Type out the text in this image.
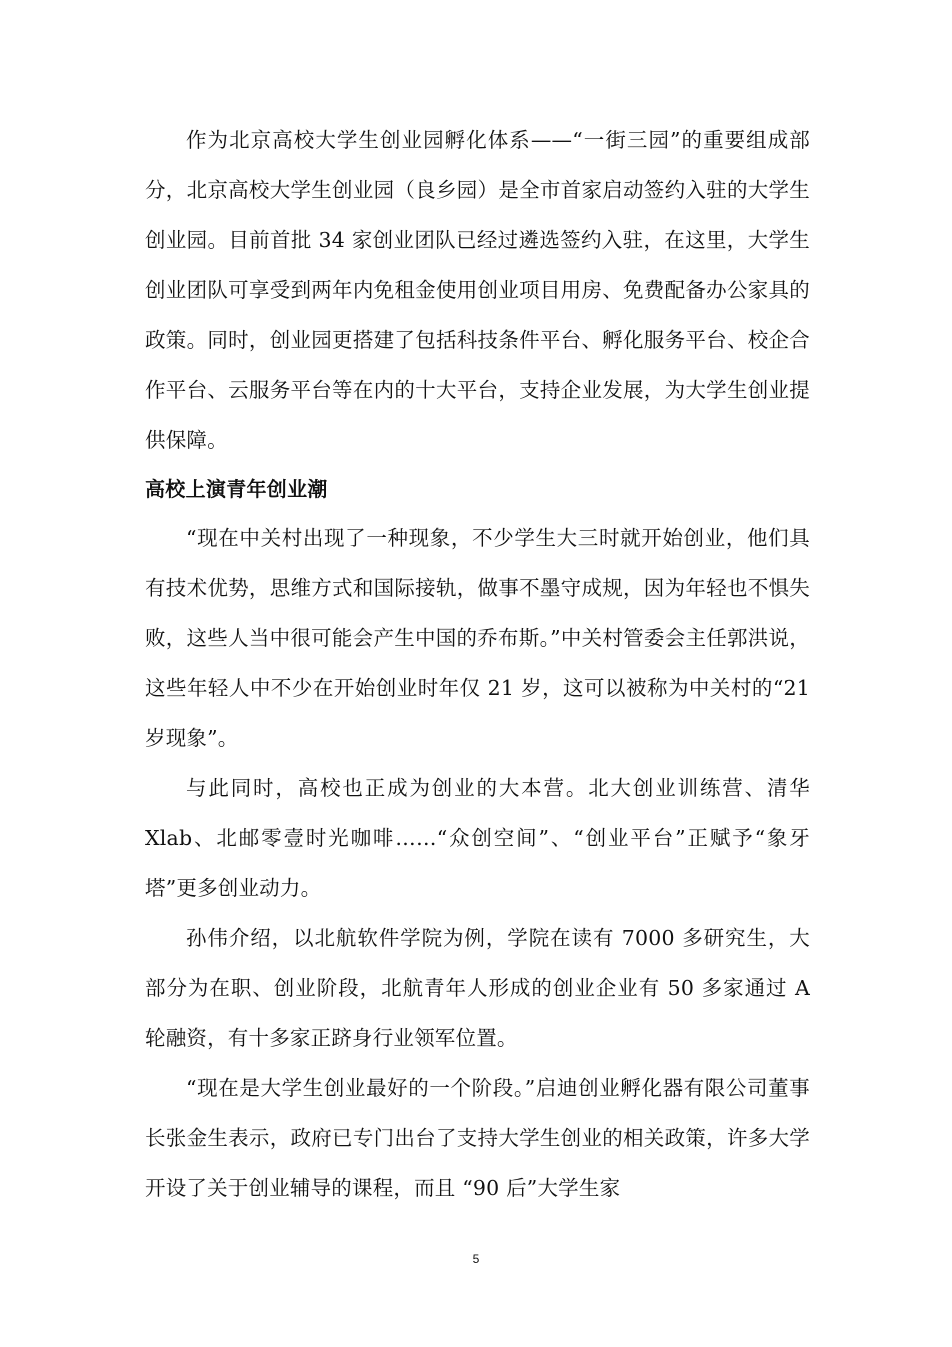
作为北京高校大学生创业园孵化体系——“一街三园”的重要组成部分，北京高校大学生创业园（良乡园）是全市首家启动签约入驻的大学生创业园。目前首批 34 家创业团队已经过遴选签约入驻，在这里，大学生创业团队可享受到两年内免租金使用创业项目用房、免费配备办公家具的政策。同时，创业园更搭建了包括科技条件平台、孵化服务平台、校企合作平台、云服务平台等在内的十大平台，支持企业发展，为大学生创业提供保障。

高校上演青年创业潮

“现在中关村出现了一种现象，不少学生大三时就开始创业，他们具有技术优势，思维方式和国际接轨，做事不墨守成规，因为年轻也不惧失败，这些人当中很可能会产生中国的乔布斯。”中关村管委会主任郭洪说，这些年轻人中不少在开始创业时年仅 21 岁，这可以被称为中关村的“21 岁现象”。

与此同时，高校也正成为创业的大本营。北大创业训练营、清华 Xlab、北邮零壹时光咖啡……“众创空间”、“创业平台”正赋予“象牙塔”更多创业动力。

孙伟介绍，以北航软件学院为例，学院在读有 7000 多研究生，大部分为在职、创业阶段，北航青年人形成的创业企业有 50 多家通过 A 轮融资，有十多家正跻身行业领军位置。

“现在是大学生创业最好的一个阶段。”启迪创业孵化器有限公司董事长张金生表示，政府已专门出台了支持大学生创业的相关政策，许多大学开设了关于创业辅导的课程，而且 “90 后”大学生家

5
